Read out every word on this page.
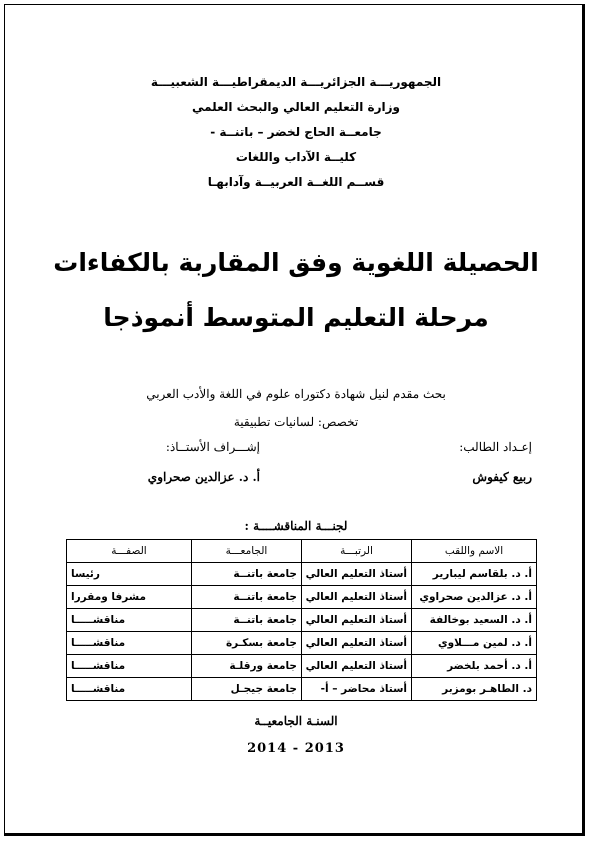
الجمهوريـــة الجزائريـــة الديمقراطيـــة الشعبيـــة
وزارة التعليم العالي والبحث العلمي
جامعــة الحاج لخضر – باتنــة -
كليــة الآداب واللغات
قســم اللغــة العربيــة وآدابهـا
الحصيلة اللغوية وفق المقاربة بالكفاءات
مرحلة التعليم المتوسط أنموذجا
بحث مقدم لنيل شهادة دكتوراه علوم في اللغة والأدب العربي
تخصص: لسانيات تطبيقية
إعـداد الطالب:
ربيع كيفوش
إشـــراف الأستــاذ:
أ. د. عزالدين صحراوي
لجنـــة المناقشــــة :
الاسم واللقب	الرتبـــة	الجامعـــة	الصفـــة
أ. د. بلقاسم ليبارير	أستاذ التعليم العالي	جامعة باتنــة	رئيسا
أ. د. عزالدين صحراوي	أستاذ التعليم العالي	جامعة باتنــة	مشرفا ومقررا
أ. د. السعيد بوخالفة	أستاذ التعليم العالي	جامعة باتنــة	مناقشـــــا
أ. د. لمين مـــلاوي	أستاذ التعليم العالي	جامعة بسكـرة	مناقشـــــا
أ. د. أحمد بلخضر	أستاذ التعليم العالي	جامعة ورقلـة	مناقشـــــا
د. الطاهـر بومزبر	أستاذ محاضر – أ-	جامعة جيجـل	مناقشـــــا
السنـة الجامعيــة
2014 - 2013
